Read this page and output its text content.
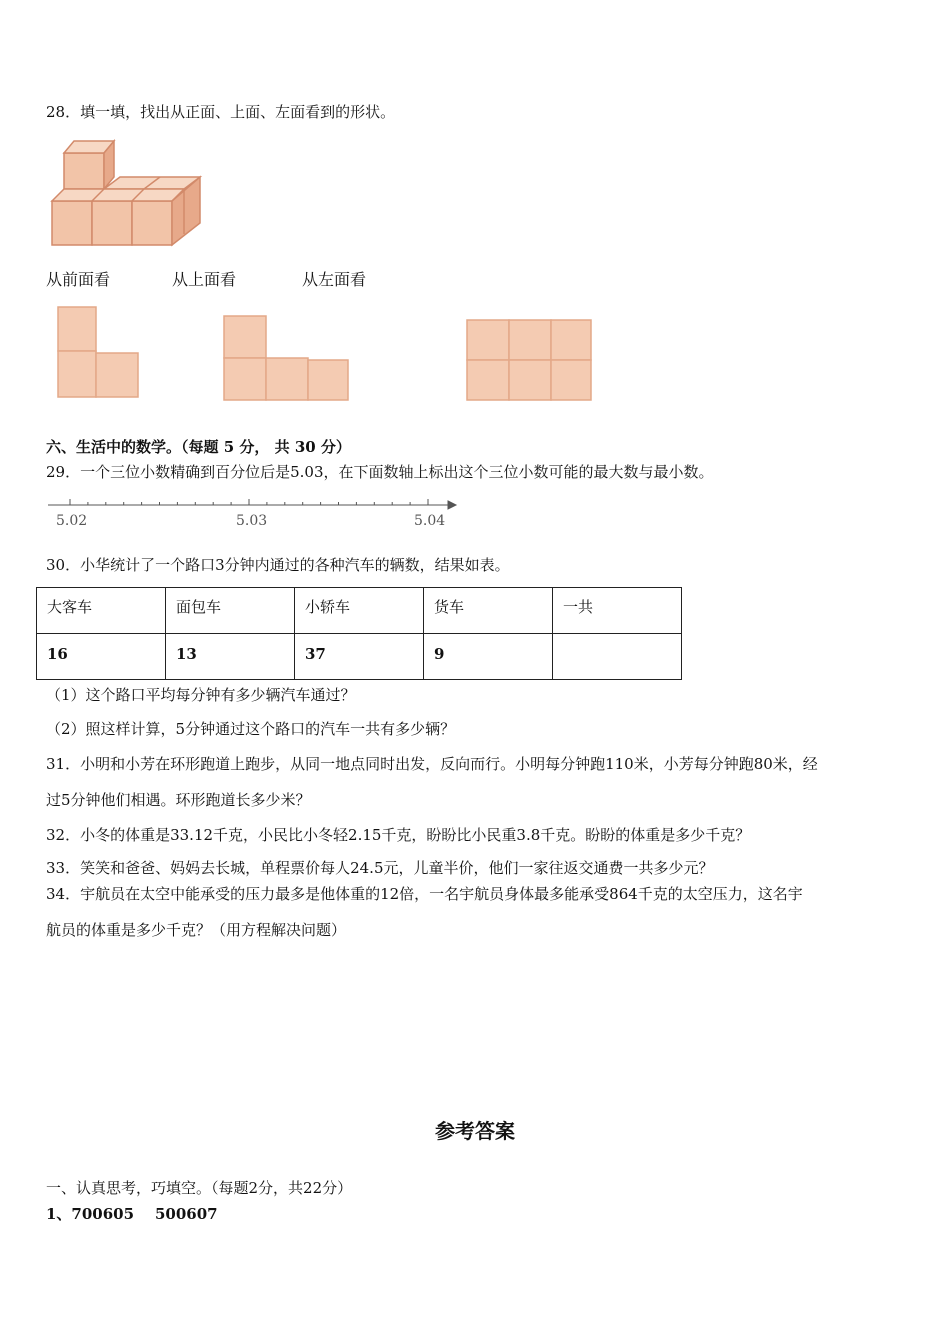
28．填一填，找出从正面、上面、左面看到的形状。
从前面看	从上面看	从左面看
六、生活中的数学。（每题 5 分， 共 30 分）
29．一个三位小数精确到百分位后是5.03，在下面数轴上标出这个三位小数可能的最大数与最小数。
5.02	5.03	5.04
30．小华统计了一个路口3分钟内通过的各种汽车的辆数，结果如表。
大客车	面包车	小轿车	货车	一共
16	13	37	9	
（1）这个路口平均每分钟有多少辆汽车通过？
（2）照这样计算，5分钟通过这个路口的汽车一共有多少辆？
31．小明和小芳在环形跑道上跑步，从同一地点同时出发，反向而行。小明每分钟跑110米，小芳每分钟跑80米，经
过5分钟他们相遇。环形跑道长多少米？
32．小冬的体重是33.12千克，小民比小冬轻2.15千克，盼盼比小民重3.8千克。盼盼的体重是多少千克？
33．笑笑和爸爸、妈妈去长城，单程票价每人24.5元，儿童半价，他们一家往返交通费一共多少元？
34．宇航员在太空中能承受的压力最多是他体重的12倍，一名宇航员身体最多能承受864千克的太空压力，这名宇
航员的体重是多少千克？（用方程解决问题）
参考答案
一、认真思考，巧填空。（每题2分，共22分）
1、700605    500607
